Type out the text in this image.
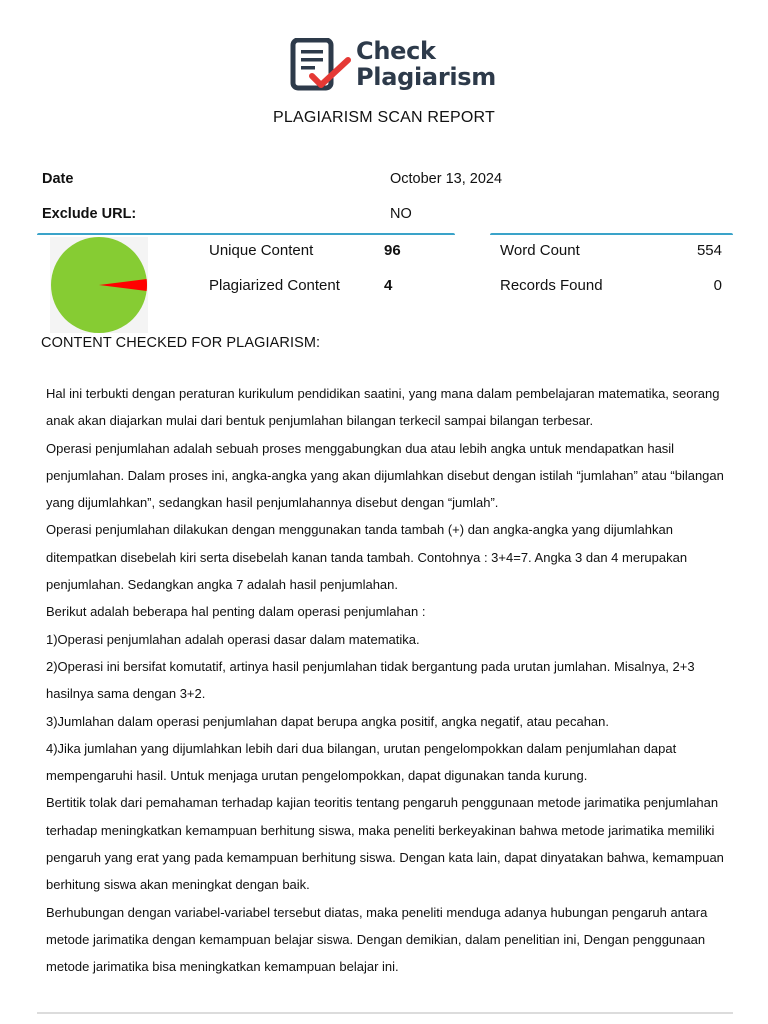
Check
Plagiarism
PLAGIARISM SCAN REPORT
Date	October 13, 2024
Exclude URL:	NO
Unique Content	96
Plagiarized Content	4
Word Count	554
Records Found	0
CONTENT CHECKED FOR PLAGIARISM:

Hal ini terbukti dengan peraturan kurikulum pendidikan saatini, yang mana dalam pembelajaran matematika, seorang anak akan diajarkan mulai dari bentuk penjumlahan bilangan terkecil sampai bilangan terbesar.

Operasi penjumlahan adalah sebuah proses menggabungkan dua atau lebih angka untuk mendapatkan hasil penjumlahan. Dalam proses ini, angka-angka yang akan dijumlahkan disebut dengan istilah “jumlahan” atau “bilangan yang dijumlahkan”, sedangkan hasil penjumlahannya disebut dengan “jumlah”.

Operasi penjumlahan dilakukan dengan menggunakan tanda tambah (+) dan angka-angka yang dijumlahkan ditempatkan disebelah kiri serta disebelah kanan tanda tambah. Contohnya : 3+4=7. Angka 3 dan 4 merupakan penjumlahan. Sedangkan angka 7 adalah hasil penjumlahan.

Berikut adalah beberapa hal penting dalam operasi penjumlahan :

1)Operasi penjumlahan adalah operasi dasar dalam matematika.

2)Operasi ini bersifat komutatif, artinya hasil penjumlahan tidak bergantung pada urutan jumlahan. Misalnya, 2+3 hasilnya sama dengan 3+2.

3)Jumlahan dalam operasi penjumlahan dapat berupa angka positif, angka negatif, atau pecahan.

4)Jika jumlahan yang dijumlahkan lebih dari dua bilangan, urutan pengelompokkan dalam penjumlahan dapat mempengaruhi hasil. Untuk menjaga urutan pengelompokkan, dapat digunakan tanda kurung.

Bertitik tolak dari pemahaman terhadap kajian teoritis tentang pengaruh penggunaan metode jarimatika penjumlahan terhadap meningkatkan kemampuan berhitung siswa, maka peneliti berkeyakinan bahwa metode jarimatika memiliki pengaruh yang erat yang pada kemampuan berhitung siswa. Dengan kata lain, dapat dinyatakan bahwa, kemampuan berhitung siswa akan meningkat dengan baik.

Berhubungan dengan variabel-variabel tersebut diatas, maka peneliti menduga adanya hubungan pengaruh antara metode jarimatika dengan kemampuan belajar siswa. Dengan demikian, dalam penelitian ini, Dengan penggunaan metode jarimatika bisa meningkatkan kemampuan belajar ini.
